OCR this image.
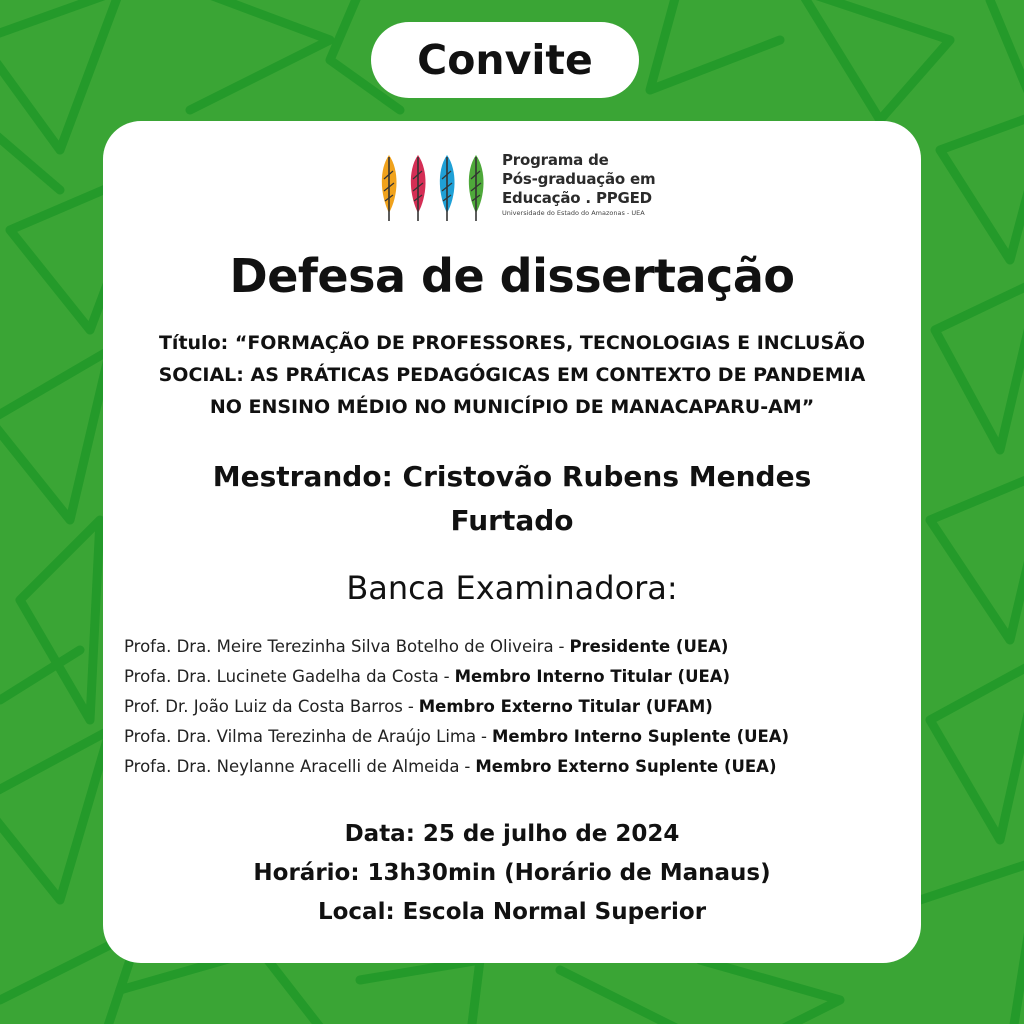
Convite
Programa de
Pós-graduação em
Educação . PPGED
Universidade do Estado do Amazonas - UEA
Defesa de dissertação
Título: “FORMAÇÃO DE PROFESSORES, TECNOLOGIAS E INCLUSÃO
SOCIAL: AS PRÁTICAS PEDAGÓGICAS EM CONTEXTO DE PANDEMIA
NO ENSINO MÉDIO NO MUNICÍPIO DE MANACAPARU-AM”
Mestrando: Cristovão Rubens Mendes
Furtado
Banca Examinadora:
Profa. Dra. Meire Terezinha Silva Botelho de Oliveira - Presidente (UEA)
Profa. Dra. Lucinete Gadelha da Costa - Membro Interno Titular (UEA)
Prof. Dr. João Luiz da Costa Barros - Membro Externo Titular (UFAM)
Profa. Dra. Vilma Terezinha de Araújo Lima - Membro Interno Suplente (UEA)
Profa. Dra. Neylanne Aracelli de Almeida - Membro Externo Suplente (UEA)
Data: 25 de julho de 2024
Horário: 13h30min (Horário de Manaus)
Local: Escola Normal Superior
